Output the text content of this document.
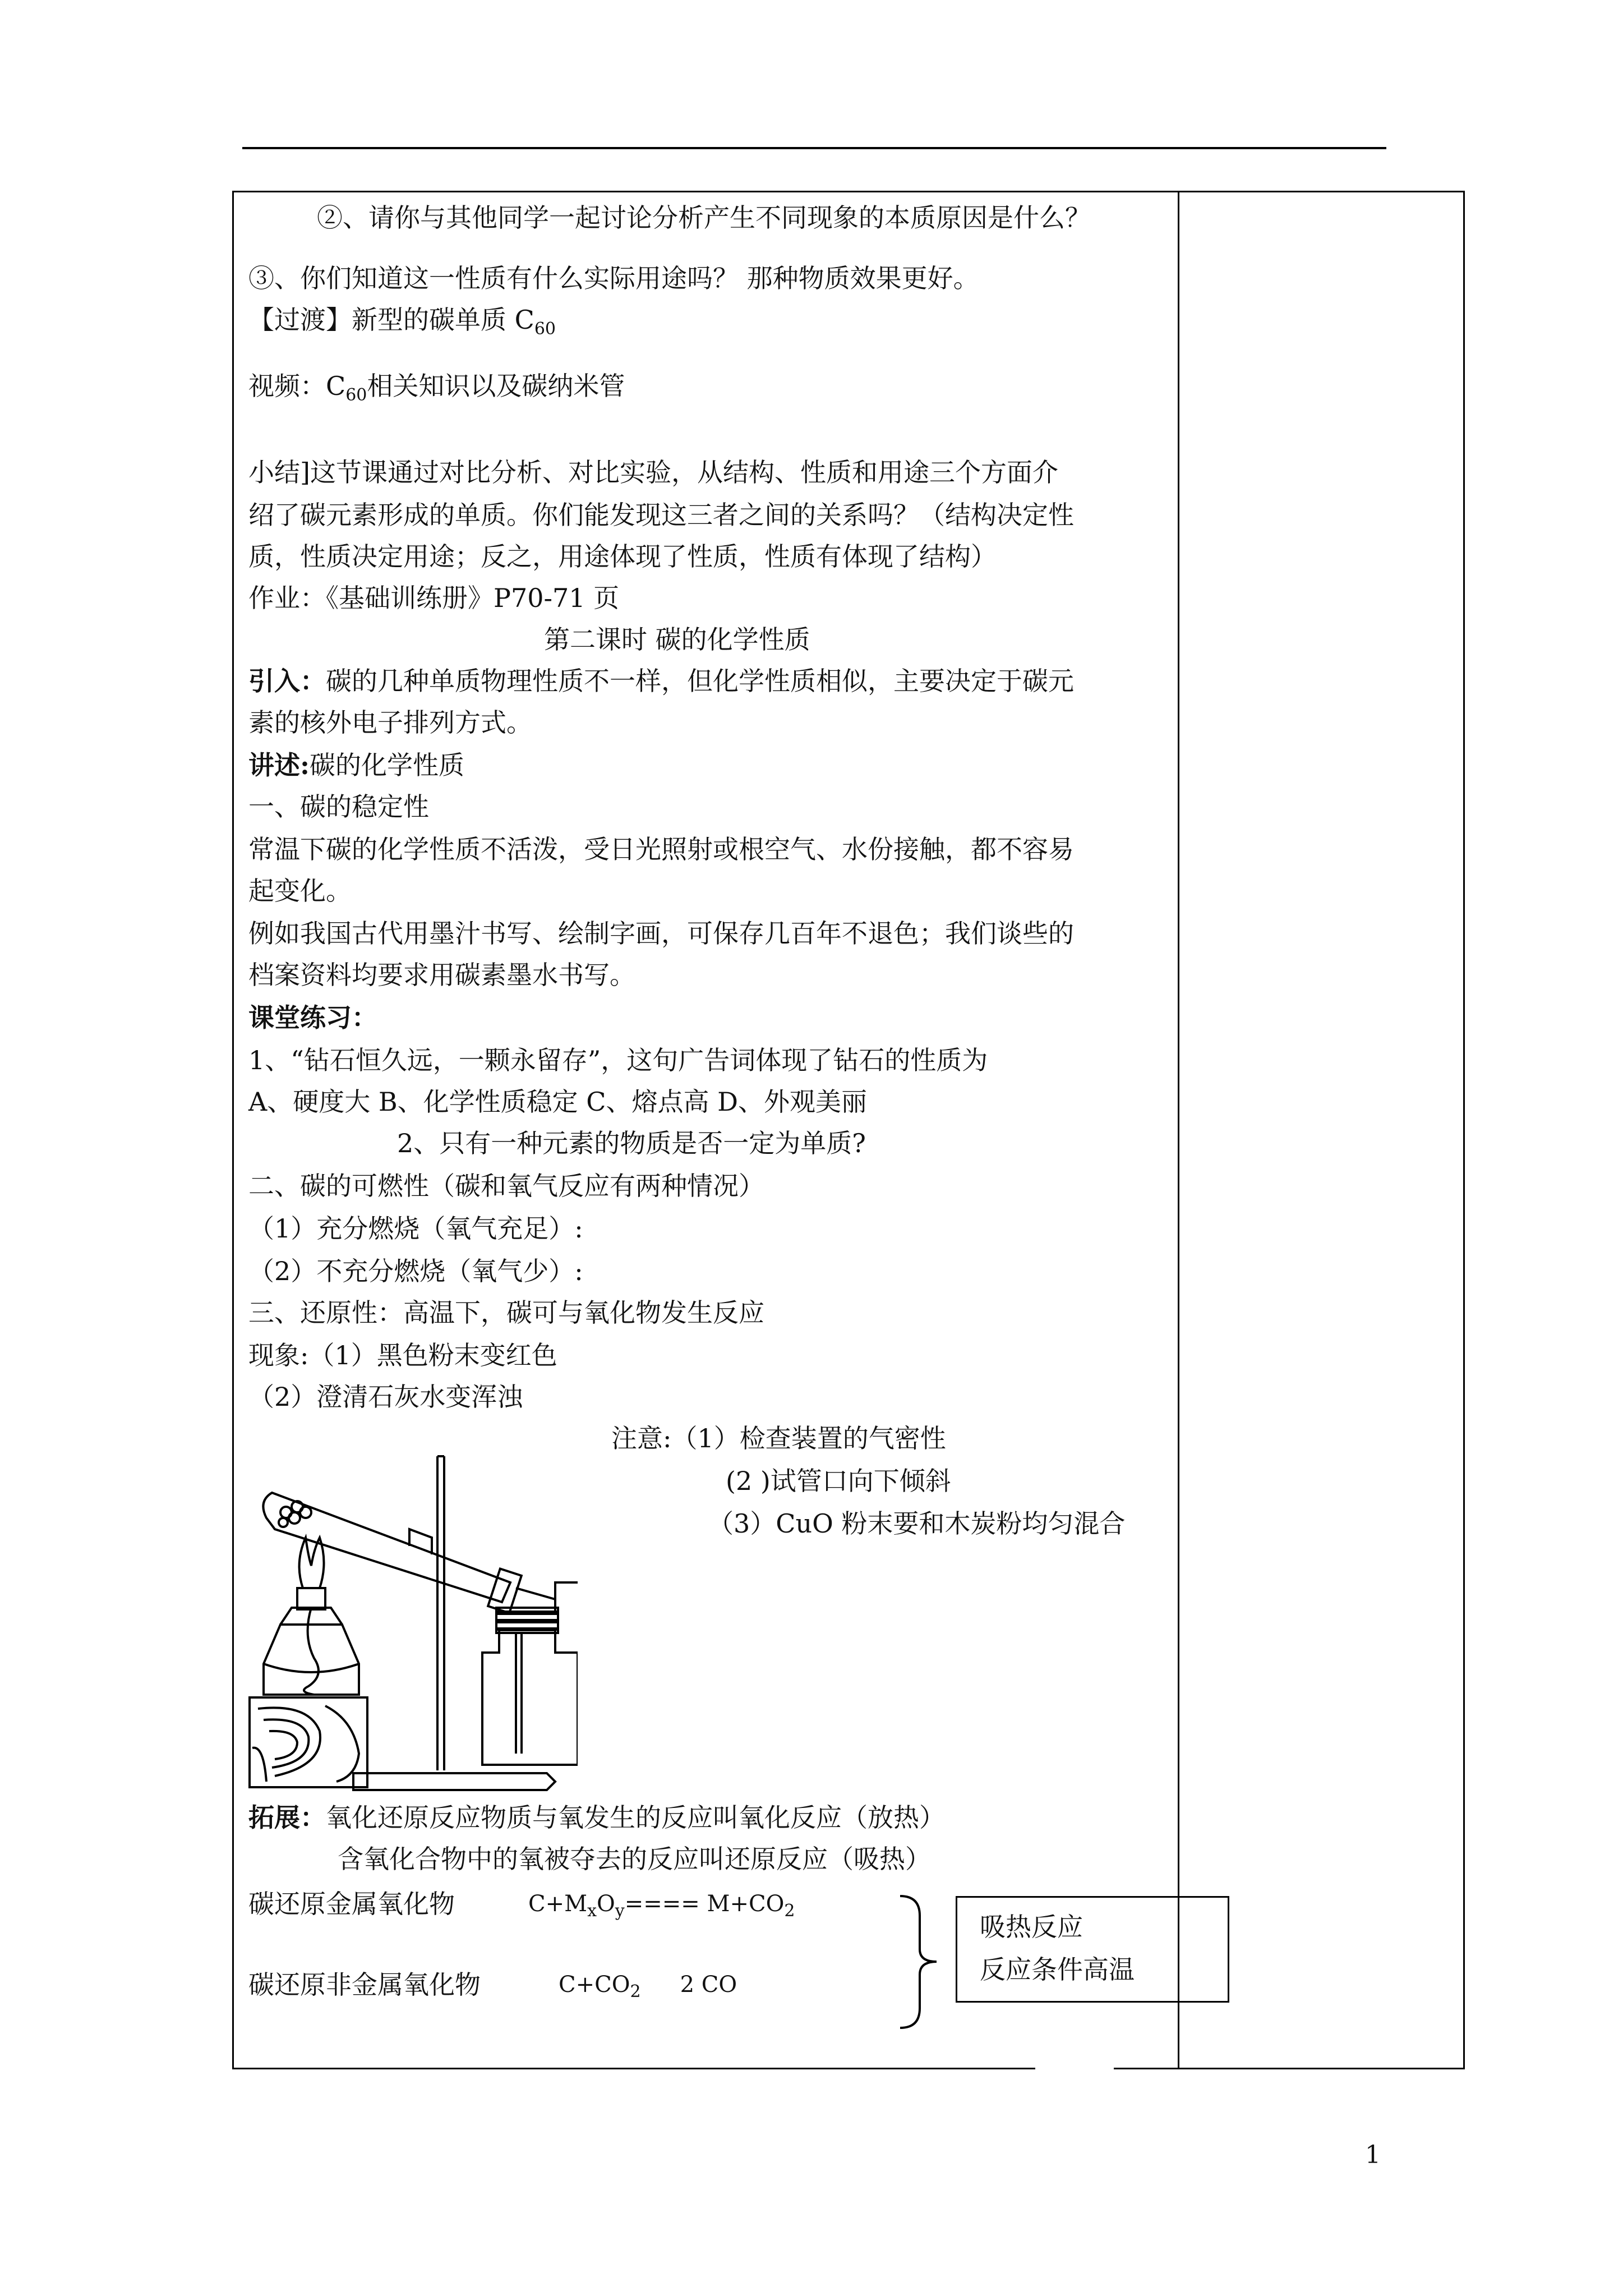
②、请你与其他同学一起讨论分析产生不同现象的本质原因是什么？
③、你们知道这一性质有什么实际用途吗？ 那种物质效果更好。
【过渡】新型的碳单质 $C_{60}$
视频：$C_{60}$相关知识以及碳纳米管
小结]这节课通过对比分析、对比实验，从结构、性质和用途三个方面介
绍了碳元素形成的单质。你们能发现这三者之间的关系吗？（结构决定性
质，性质决定用途；反之，用途体现了性质，性质有体现了结构）
作业：《基础训练册》P70-71 页
第二课时 碳的化学性质
引入：碳的几种单质物理性质不一样，但化学性质相似，主要决定于碳元
素的核外电子排列方式。
讲述:碳的化学性质
一、碳的稳定性
常温下碳的化学性质不活泼，受日光照射或根空气、水份接触，都不容易
起变化。
例如我国古代用墨汁书写、绘制字画，可保存几百年不退色；我们谈些的
档案资料均要求用碳素墨水书写。
课堂练习：
1、“钻石恒久远，一颗永留存”，这句广告词体现了钻石的性质为
A、硬度大 B、化学性质稳定 C、熔点高 D、外观美丽
2、只有一种元素的物质是否一定为单质?
二、碳的可燃性（碳和氧气反应有两种情况）
（1）充分燃烧（氧气充足）:
（2）不充分燃烧（氧气少）:
三、还原性：高温下，碳可与氧化物发生反应
现象:（1）黑色粉末变红色
（2）澄清石灰水变浑浊
注意:（1）检查装置的气密性
(2 )试管口向下倾斜
（3）CuO 粉末要和木炭粉均匀混合
拓展：氧化还原反应物质与氧发生的反应叫氧化反应（放热）
含氧化合物中的氧被夺去的反应叫还原反应（吸热）
碳还原金属氧化物	$C+M_xO_y==== M+CO_2$
碳还原非金属氧化物	$C+CO_2$ 2 CO
吸热反应
反应条件高温
1
